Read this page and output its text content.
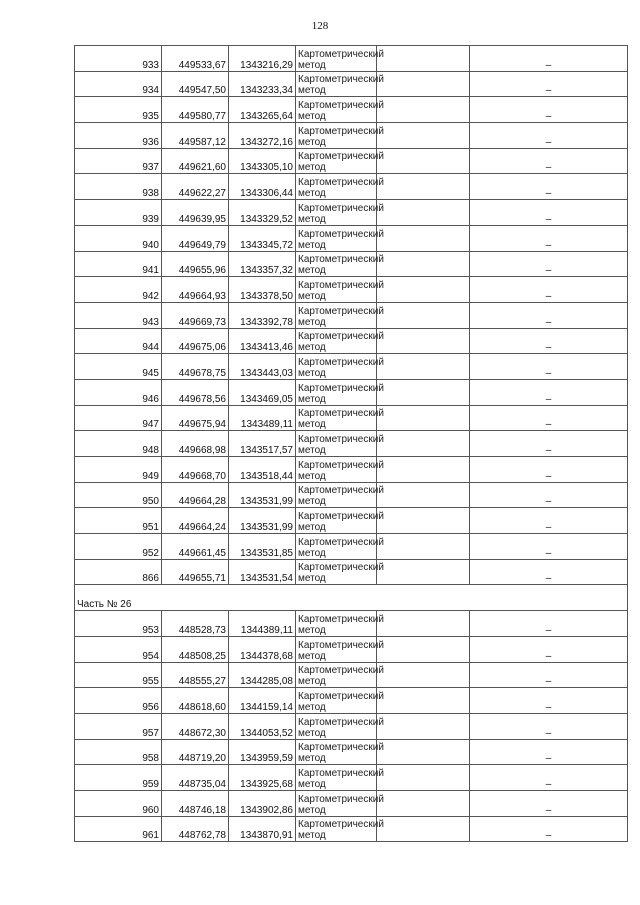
128
933	449533,67	1343216,29	Картометрический метод		–
934	449547,50	1343233,34	Картометрический метод		–
935	449580,77	1343265,64	Картометрический метод		–
936	449587,12	1343272,16	Картометрический метод		–
937	449621,60	1343305,10	Картометрический метод		–
938	449622,27	1343306,44	Картометрический метод		–
939	449639,95	1343329,52	Картометрический метод		–
940	449649,79	1343345,72	Картометрический метод		–
941	449655,96	1343357,32	Картометрический метод		–
942	449664,93	1343378,50	Картометрический метод		–
943	449669,73	1343392,78	Картометрический метод		–
944	449675,06	1343413,46	Картометрический метод		–
945	449678,75	1343443,03	Картометрический метод		–
946	449678,56	1343469,05	Картометрический метод		–
947	449675,94	1343489,11	Картометрический метод		–
948	449668,98	1343517,57	Картометрический метод		–
949	449668,70	1343518,44	Картометрический метод		–
950	449664,28	1343531,99	Картометрический метод		–
951	449664,24	1343531,99	Картометрический метод		–
952	449661,45	1343531,85	Картометрический метод		–
866	449655,71	1343531,54	Картометрический метод		–
Часть № 26					
953	448528,73	1344389,11	Картометрический метод		–
954	448508,25	1344378,68	Картометрический метод		–
955	448555,27	1344285,08	Картометрический метод		–
956	448618,60	1344159,14	Картометрический метод		–
957	448672,30	1344053,52	Картометрический метод		–
958	448719,20	1343959,59	Картометрический метод		–
959	448735,04	1343925,68	Картометрический метод		–
960	448746,18	1343902,86	Картометрический метод		–
961	448762,78	1343870,91	Картометрический метод		–
